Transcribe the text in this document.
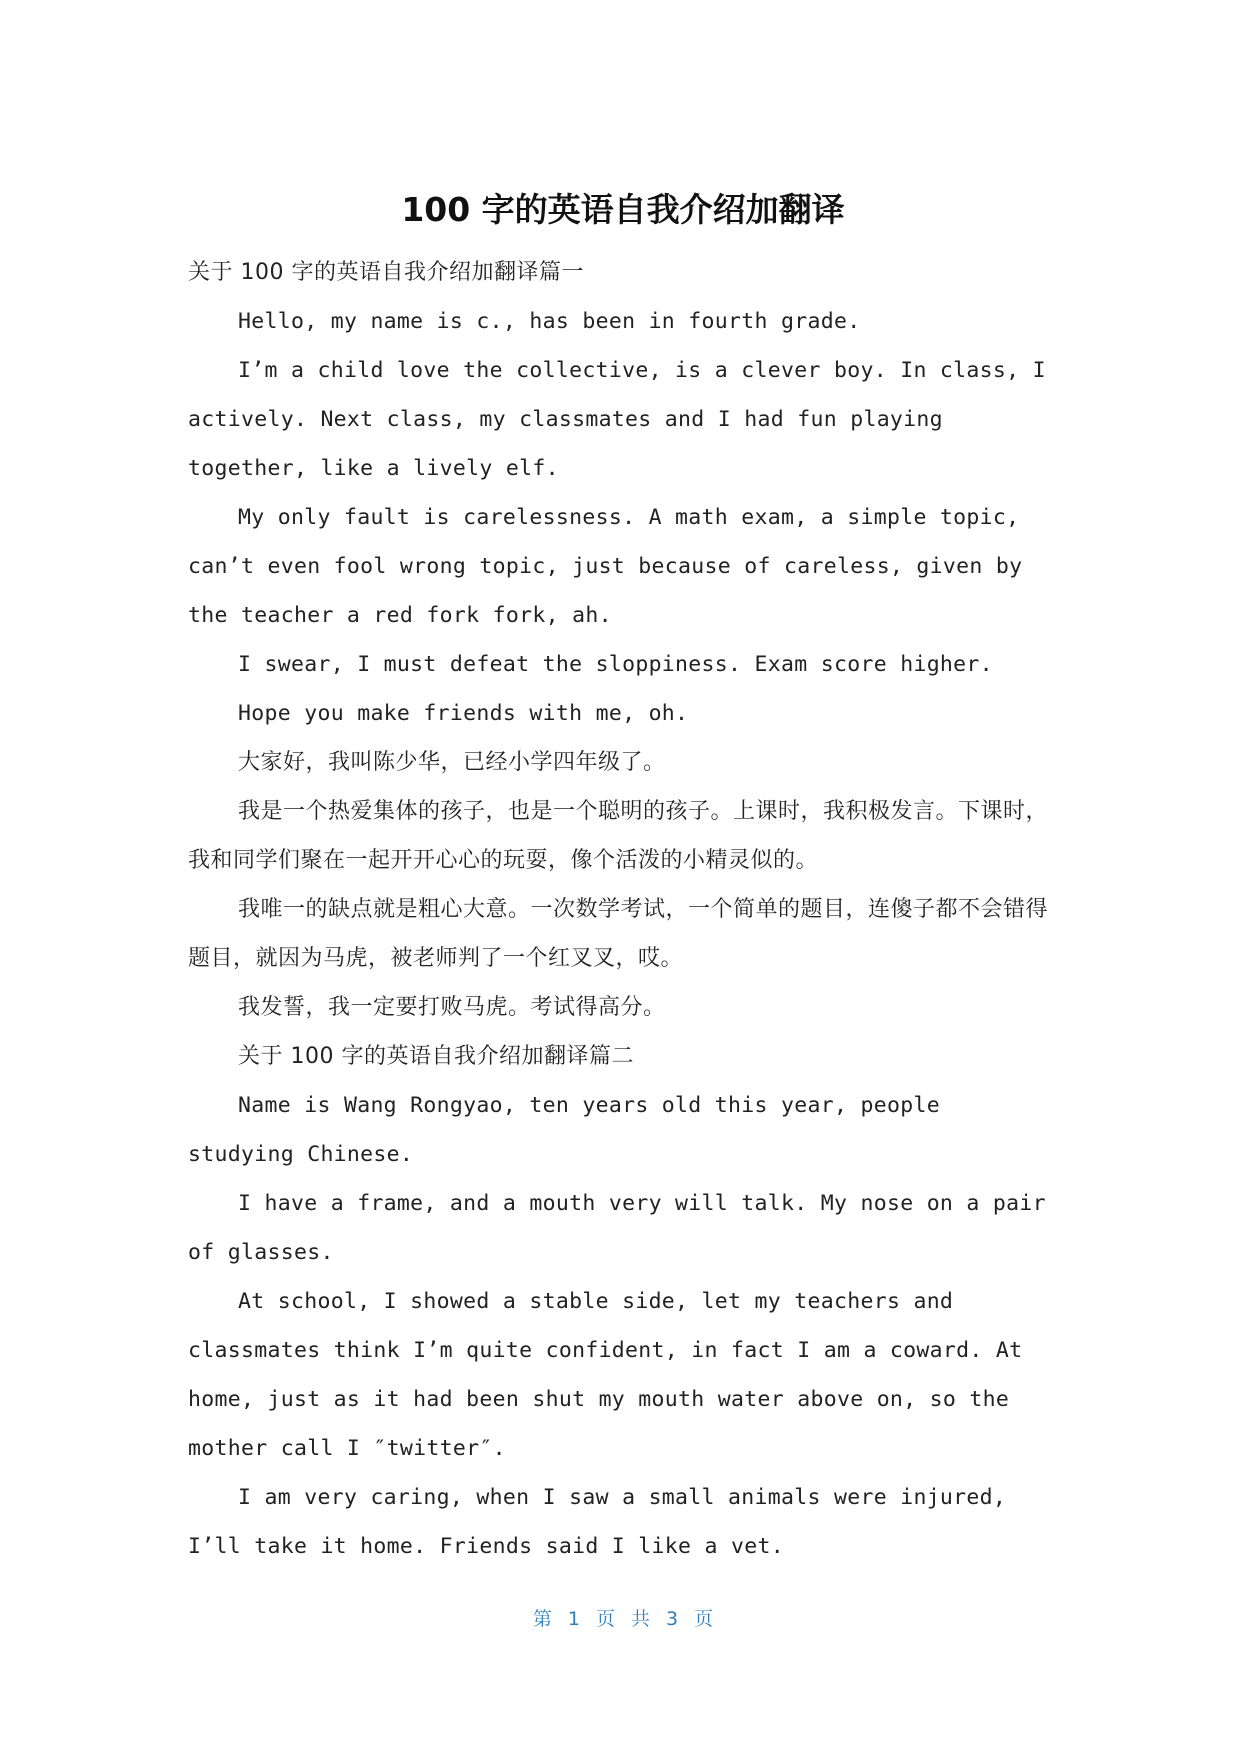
100 字的英语自我介绍加翻译

关于 100 字的英语自我介绍加翻译篇一

Hello, my name is c., has been in fourth grade.

I’m a child love the collective, is a clever boy. In class, I actively. Next class, my classmates and I had fun playing together, like a lively elf.

My only fault is carelessness. A math exam, a simple topic, can’t even fool wrong topic, just because of careless, given by the teacher a red fork fork, ah.

I swear, I must defeat the sloppiness. Exam score higher.

Hope you make friends with me, oh.

大家好，我叫陈少华，已经小学四年级了。

我是一个热爱集体的孩子，也是一个聪明的孩子。上课时，我积极发言。下课时，我和同学们聚在一起开开心心的玩耍，像个活泼的小精灵似的。

我唯一的缺点就是粗心大意。一次数学考试，一个简单的题目，连傻子都不会错得题目，就因为马虎，被老师判了一个红叉叉，哎。

我发誓，我一定要打败马虎。考试得高分。

关于 100 字的英语自我介绍加翻译篇二

Name is Wang Rongyao, ten years old this year, people studying Chinese.

I have a frame, and a mouth very will talk. My nose on a pair of glasses.

At school, I showed a stable side, let my teachers and classmates think I’m quite confident, in fact I am a coward. At home, just as it had been shut my mouth water above on, so the mother call I ″twitter″.

I am very caring, when I saw a small animals were injured, I’ll take it home. Friends said I like a vet.

第 1 页 共 3 页
